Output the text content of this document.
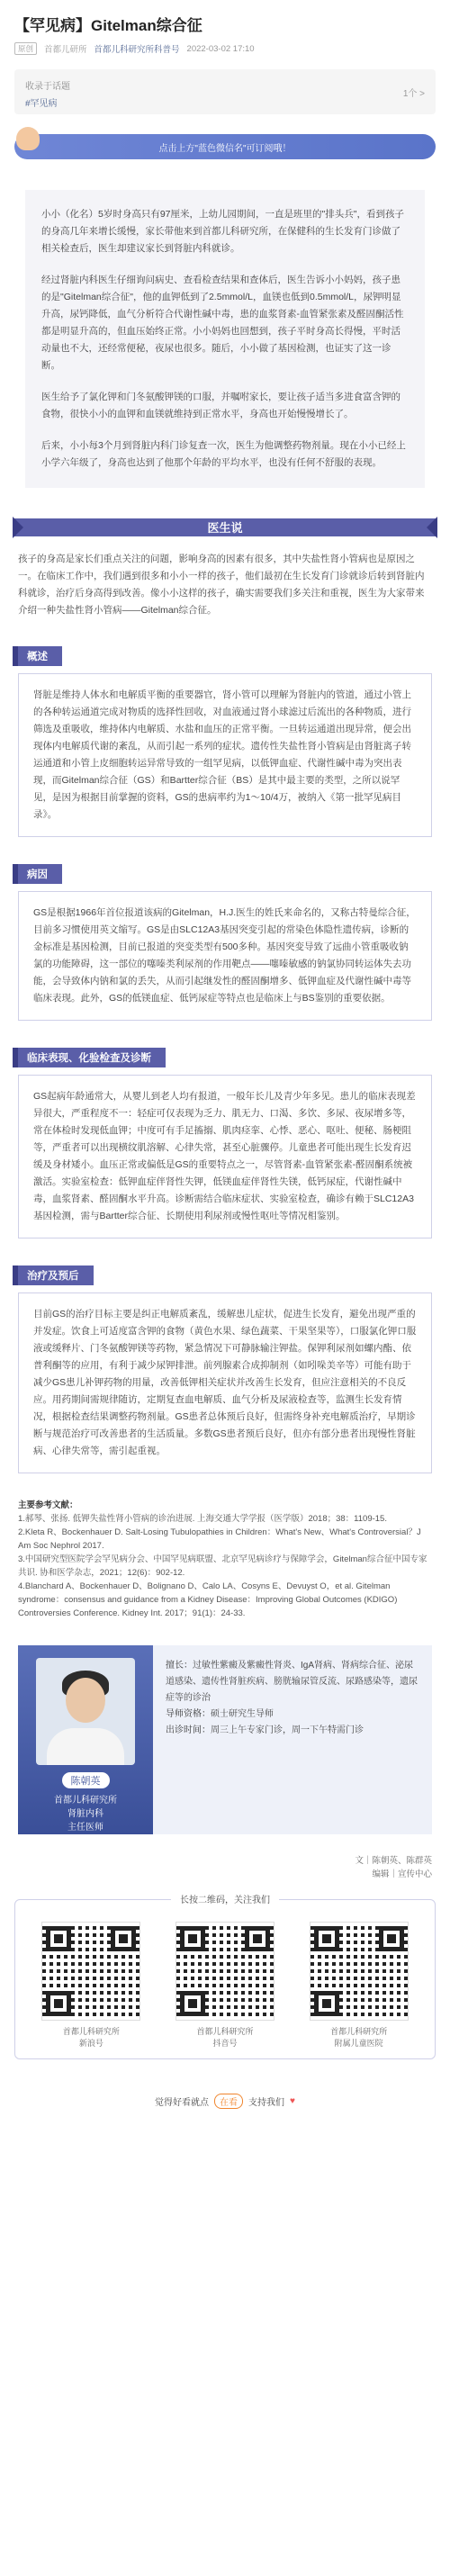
【罕见病】Gitelman综合征
原创	首都儿研所 首都儿科研究所科普号 2022-03-02 17:10
收录于话题
#罕见病
1个 >
点击上方"蓝色微信名"可订阅哦！

小小（化名）5岁时身高只有97厘米，上幼儿园期间，一直是班里的"排头兵"，看到孩子的身高几年来增长缓慢，家长带他来到首都儿科研究所，在保健科的生长发育门诊做了相关检查后，医生却建议家长到肾脏内科就诊。

经过肾脏内科医生仔细询问病史、查看检查结果和查体后，医生告诉小小妈妈，孩子患的是"Gitelman综合征"，他的血钾低到了2.5mmol/L，血镁也低到0.5mmol/L，尿钾明显升高，尿钙降低，血气分析符合代谢性碱中毒，患的血浆肾素-血管紧张素及醛固酮活性都是明显升高的，但血压始终正常。小小妈妈也回想到，孩子平时身高长得慢，平时活动量也不大，还经常便秘，夜尿也很多。随后，小小做了基因检测，也证实了这一诊断。

医生给予了氯化钾和门冬氨酸钾镁的口服，并嘱咐家长，要让孩子适当多进食富含钾的食物，很快小小的血钾和血镁就维持到正常水平，身高也开始慢慢增长了。

后来，小小每3个月到肾脏内科门诊复查一次，医生为他调整药物剂量。现在小小已经上小学六年级了，身高也达到了他那个年龄的平均水平，也没有任何不舒服的表现。

医生说
孩子的身高是家长们重点关注的问题，影响身高的因素有很多，其中失盐性肾小管病也是原因之一。在临床工作中，我们遇到很多和小小一样的孩子，他们最初在生长发育门诊就诊后转到肾脏内科就诊，治疗后身高得到改善。像小小这样的孩子，确实需要我们多关注和重视，医生为大家带来介绍一种失盐性肾小管病——Gitelman综合征。
概述
肾脏是维持人体水和电解质平衡的重要器官，肾小管可以理解为肾脏内的管道，通过小管上的各种转运通道完成对物质的选择性回收，对血液通过肾小球滤过后流出的各种物质，进行筛选及重吸收，维持体内电解质、水盐和血压的正常平衡。一旦转运通道出现异常，便会出现体内电解质代谢的紊乱，从而引起一系列的症状。遗传性失盐性肾小管病是由肾脏离子转运通道和小管上皮细胞转运异常导致的一组罕见病，以低钾血症、代谢性碱中毒为突出表现，而Gitelman综合征（GS）和Bartter综合征（BS）是其中最主要的类型，之所以说罕见，是因为根据目前掌握的资料，GS的患病率约为1～10/4万，被纳入《第一批罕见病目录》。
病因
GS是根据1966年首位报道该病的Gitelman，H.J.医生的姓氏来命名的，又称古特曼综合征，目前多习惯使用英文缩写。GS是由SLC12A3基因突变引起的常染色体隐性遗传病，诊断的金标准是基因检测，目前已报道的突变类型有500多种。基因突变导致了远曲小管重吸收钠氯的功能障碍，这一部位的噻嗪类利尿剂的作用靶点——噻嗪敏感的钠氯协同转运体失去功能，会导致体内钠和氯的丢失，从而引起继发性的醛固酮增多、低钾血症及代谢性碱中毒等临床表现。此外，GS的低镁血症、低钙尿症等特点也是临床上与BS鉴别的重要依据。
临床表现、化验检查及诊断
GS起病年龄通常大，从婴儿到老人均有报道，一般年长儿及青少年多见。患儿的临床表现差异很大，严重程度不一：轻症可仅表现为乏力、肌无力、口渴、多饮、多尿、夜尿增多等，常在体检时发现低血钾；中度可有手足搐搦、肌肉痉挛、心悸、恶心、呕吐、便秘、肠梗阻等，严重者可以出现横纹肌溶解、心律失常，甚至心脏骤停。儿童患者可能出现生长发育迟缓及身材矮小。血压正常或偏低是GS的重要特点之一，尽管肾素-血管紧张素-醛固酮系统被激活。实验室检查：低钾血症伴肾性失钾，低镁血症伴肾性失镁，低钙尿症，代谢性碱中毒，血浆肾素、醛固酮水平升高。诊断需结合临床症状、实验室检查，确诊有赖于SLC12A3基因检测，需与Bartter综合征、长期使用利尿剂或慢性呕吐等情况相鉴别。
治疗及预后
目前GS的治疗目标主要是纠正电解质紊乱，缓解患儿症状，促进生长发育，避免出现严重的并发症。饮食上可适度富含钾的食物（黄色水果、绿色蔬菜、干果坚果等），口服氯化钾口服液或缓释片、门冬氨酸钾镁等药物，紧急情况下可静脉输注钾盐。保钾利尿剂如螺内酯、依普利酮等的应用，有利于减少尿钾排泄。前列腺素合成抑制剂（如吲哚美辛等）可能有助于减少GS患儿补钾药物的用量，改善低钾相关症状并改善生长发育，但应注意相关的不良反应。用药期间需规律随访，定期复查血电解质、血气分析及尿液检查等，监测生长发育情况，根据检查结果调整药物剂量。GS患者总体预后良好，但需终身补充电解质治疗，早期诊断与规范治疗可改善患者的生活质量。多数GS患者预后良好，但亦有部分患者出现慢性肾脏病、心律失常等，需引起重视。
主要参考文献：
1.郝琴、张扬. 低钾失盐性肾小管病的诊治进展. 上海交通大学学报（医学版）2018；38：1109-15.
2.Kleta R、Bockenhauer D. Salt-Losing Tubulopathies in Children：What's New、What's Controversial？J Am Soc Nephrol 2017.
3.中国研究型医院学会罕见病分会、中国罕见病联盟、北京罕见病诊疗与保障学会，Gitelman综合征中国专家共识. 协和医学杂志，2021；12(6)：902-12.
4.Blanchard A、Bockenhauer D、Bolignano D、Calo LA、Cosyns E、Devuyst O，et al. Gitelman syndrome：consensus and guidance from a Kidney Disease：Improving Global Outcomes (KDIGO) Controversies Conference. Kidney Int. 2017；91(1)：24-33.
陈朝英
首都儿科研究所
肾脏内科
主任医师
擅长：过敏性紫癜及紫癜性肾炎、IgA肾病、肾病综合征、泌尿道感染、遗传性肾脏疾病、膀胱输尿管反流、尿路感染等，遗尿症等的诊治
导师资格：硕士研究生导师
出诊时间：周三上午专家门诊，周一下午特需门诊
文｜陈朝英、陈群英
编辑｜宣传中心
长按二维码，关注我们
首都儿科研究所
新浪号
首都儿科研究所
抖音号
首都儿科研究所
附属儿童医院
觉得好看就点	在看	支持我们 ♥
